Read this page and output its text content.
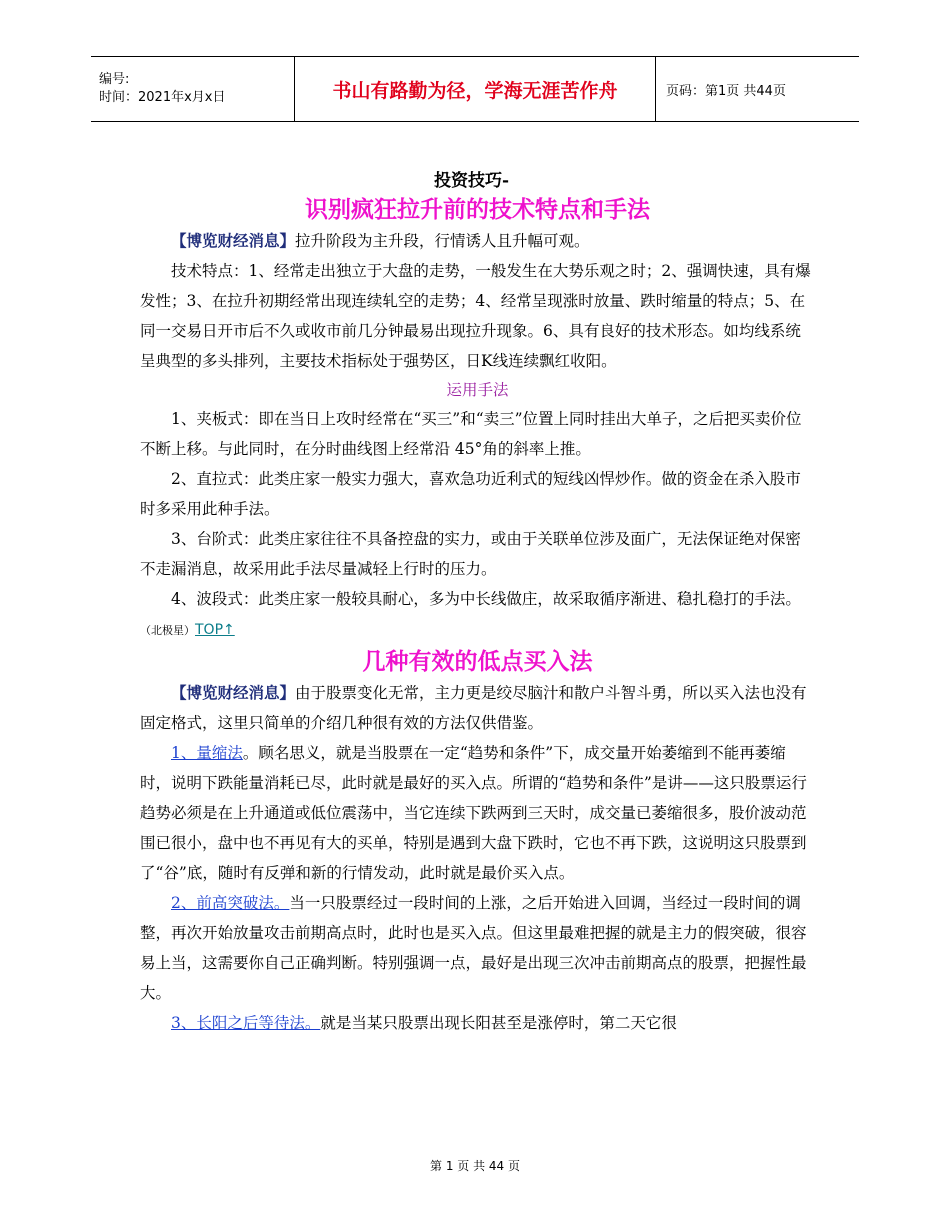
编号:
时间：2021年x月x日	书山有路勤为径，学海无涯苦作舟	页码：第1页 共44页
投资技巧-
识别疯狂拉升前的技术特点和手法

【博览财经消息】拉升阶段为主升段，行情诱人且升幅可观。

技术特点：1、经常走出独立于大盘的走势，一般发生在大势乐观之时；2、强调快速，具有爆发性；3、在拉升初期经常出现连续轧空的走势；4、经常呈现涨时放量、跌时缩量的特点；5、在同一交易日开市后不久或收市前几分钟最易出现拉升现象。6、具有良好的技术形态。如均线系统呈典型的多头排列，主要技术指标处于强势区，日K线连续飘红收阳。

运用手法

1、夹板式：即在当日上攻时经常在“买三”和“卖三”位置上同时挂出大单子，之后把买卖价位不断上移。与此同时，在分时曲线图上经常沿 45°角的斜率上推。

2、直拉式：此类庄家一般实力强大，喜欢急功近利式的短线凶悍炒作。做的资金在杀入股市时多采用此种手法。

3、台阶式：此类庄家往往不具备控盘的实力，或由于关联单位涉及面广，无法保证绝对保密不走漏消息，故采用此手法尽量减轻上行时的压力。

4、波段式：此类庄家一般较具耐心，多为中长线做庄，故采取循序渐进、稳扎稳打的手法。（北极星）TOP↑

几种有效的低点买入法

【博览财经消息】由于股票变化无常，主力更是绞尽脑汁和散户斗智斗勇，所以买入法也没有固定格式，这里只简单的介绍几种很有效的方法仅供借鉴。

1、量缩法。顾名思义，就是当股票在一定“趋势和条件”下，成交量开始萎缩到不能再萎缩时，说明下跌能量消耗已尽，此时就是最好的买入点。所谓的“趋势和条件”是讲——这只股票运行趋势必须是在上升通道或低位震荡中，当它连续下跌两到三天时，成交量已萎缩很多，股价波动范围已很小，盘中也不再见有大的买单，特别是遇到大盘下跌时，它也不再下跌，这说明这只股票到了“谷”底，随时有反弹和新的行情发动，此时就是最价买入点。

2、前高突破法。当一只股票经过一段时间的上涨，之后开始进入回调，当经过一段时间的调整，再次开始放量攻击前期高点时，此时也是买入点。但这里最难把握的就是主力的假突破，很容易上当，这需要你自己正确判断。特别强调一点，最好是出现三次冲击前期高点的股票，把握性最大。

3、长阳之后等待法。就是当某只股票出现长阳甚至是涨停时，第二天它很

第 1 页 共 44 页
